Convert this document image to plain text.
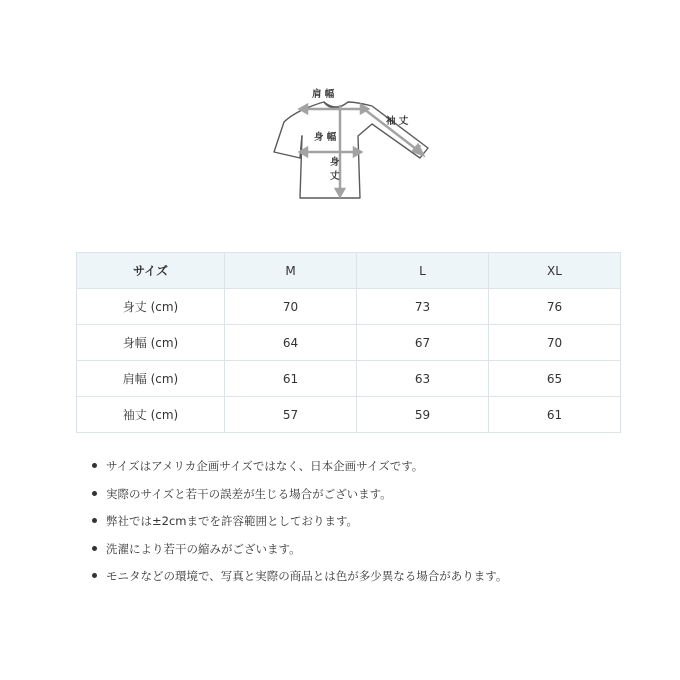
肩 幅
袖 丈
身 幅
身
丈
サイズ	M	L	XL
身丈 (cm)	70	73	76
身幅 (cm)	64	67	70
肩幅 (cm)	61	63	65
袖丈 (cm)	57	59	61
サイズはアメリカ企画サイズではなく、日本企画サイズです。
実際のサイズと若干の誤差が生じる場合がございます。
弊社では±2cmまでを許容範囲としております。
洗濯により若干の縮みがございます。
モニタなどの環境で、写真と実際の商品とは色が多少異なる場合があります。
